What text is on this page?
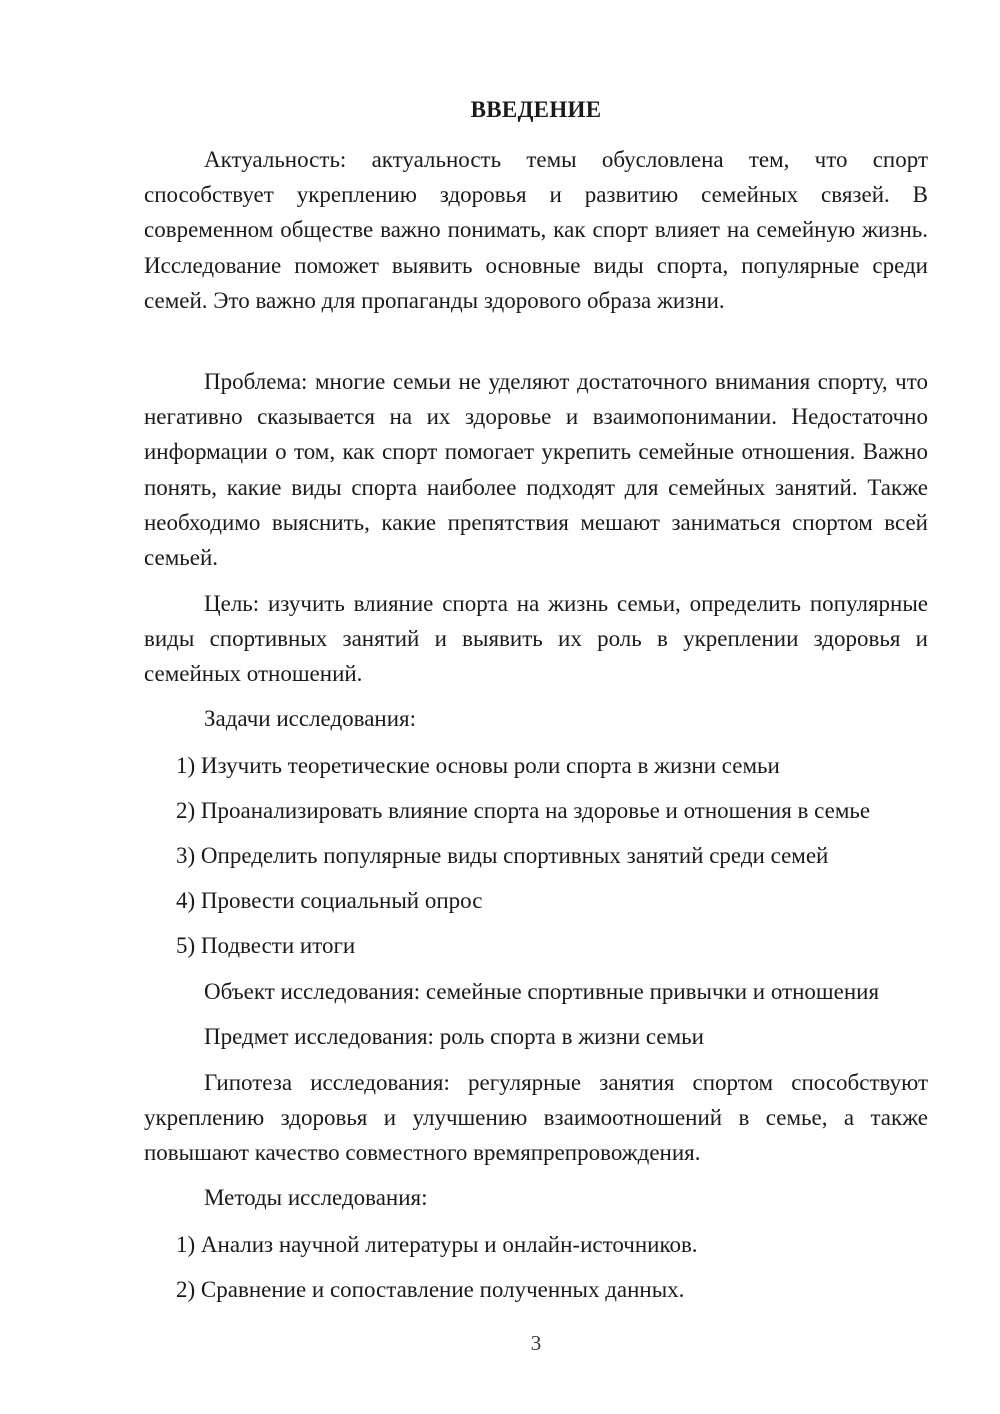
ВВЕДЕНИЕ

Актуальность: актуальность темы обусловлена тем, что спорт способствует укреплению здоровья и развитию семейных связей. В современном обществе важно понимать, как спорт влияет на семейную жизнь. Исследование поможет выявить основные виды спорта, популярные среди семей. Это важно для пропаганды здорового образа жизни.

Проблема: многие семьи не уделяют достаточного внимания спорту, что негативно сказывается на их здоровье и взаимопонимании. Недостаточно информации о том, как спорт помогает укрепить семейные отношения. Важно понять, какие виды спорта наиболее подходят для семейных занятий. Также необходимо выяснить, какие препятствия мешают заниматься спортом всей семьей.

Цель: изучить влияние спорта на жизнь семьи, определить популярные виды спортивных занятий и выявить их роль в укреплении здоровья и семейных отношений.

Задачи исследования:

1) Изучить теоретические основы роли спорта в жизни семьи

2) Проанализировать влияние спорта на здоровье и отношения в семье

3) Определить популярные виды спортивных занятий среди семей

4) Провести социальный опрос

5) Подвести итоги

Объект исследования: семейные спортивные привычки и отношения

Предмет исследования: роль спорта в жизни семьи

Гипотеза исследования: регулярные занятия спортом способствуют укреплению здоровья и улучшению взаимоотношений в семье, а также повышают качество совместного времяпрепровождения.

Методы исследования:

1) Анализ научной литературы и онлайн-источников.

2) Сравнение и сопоставление полученных данных.

3
